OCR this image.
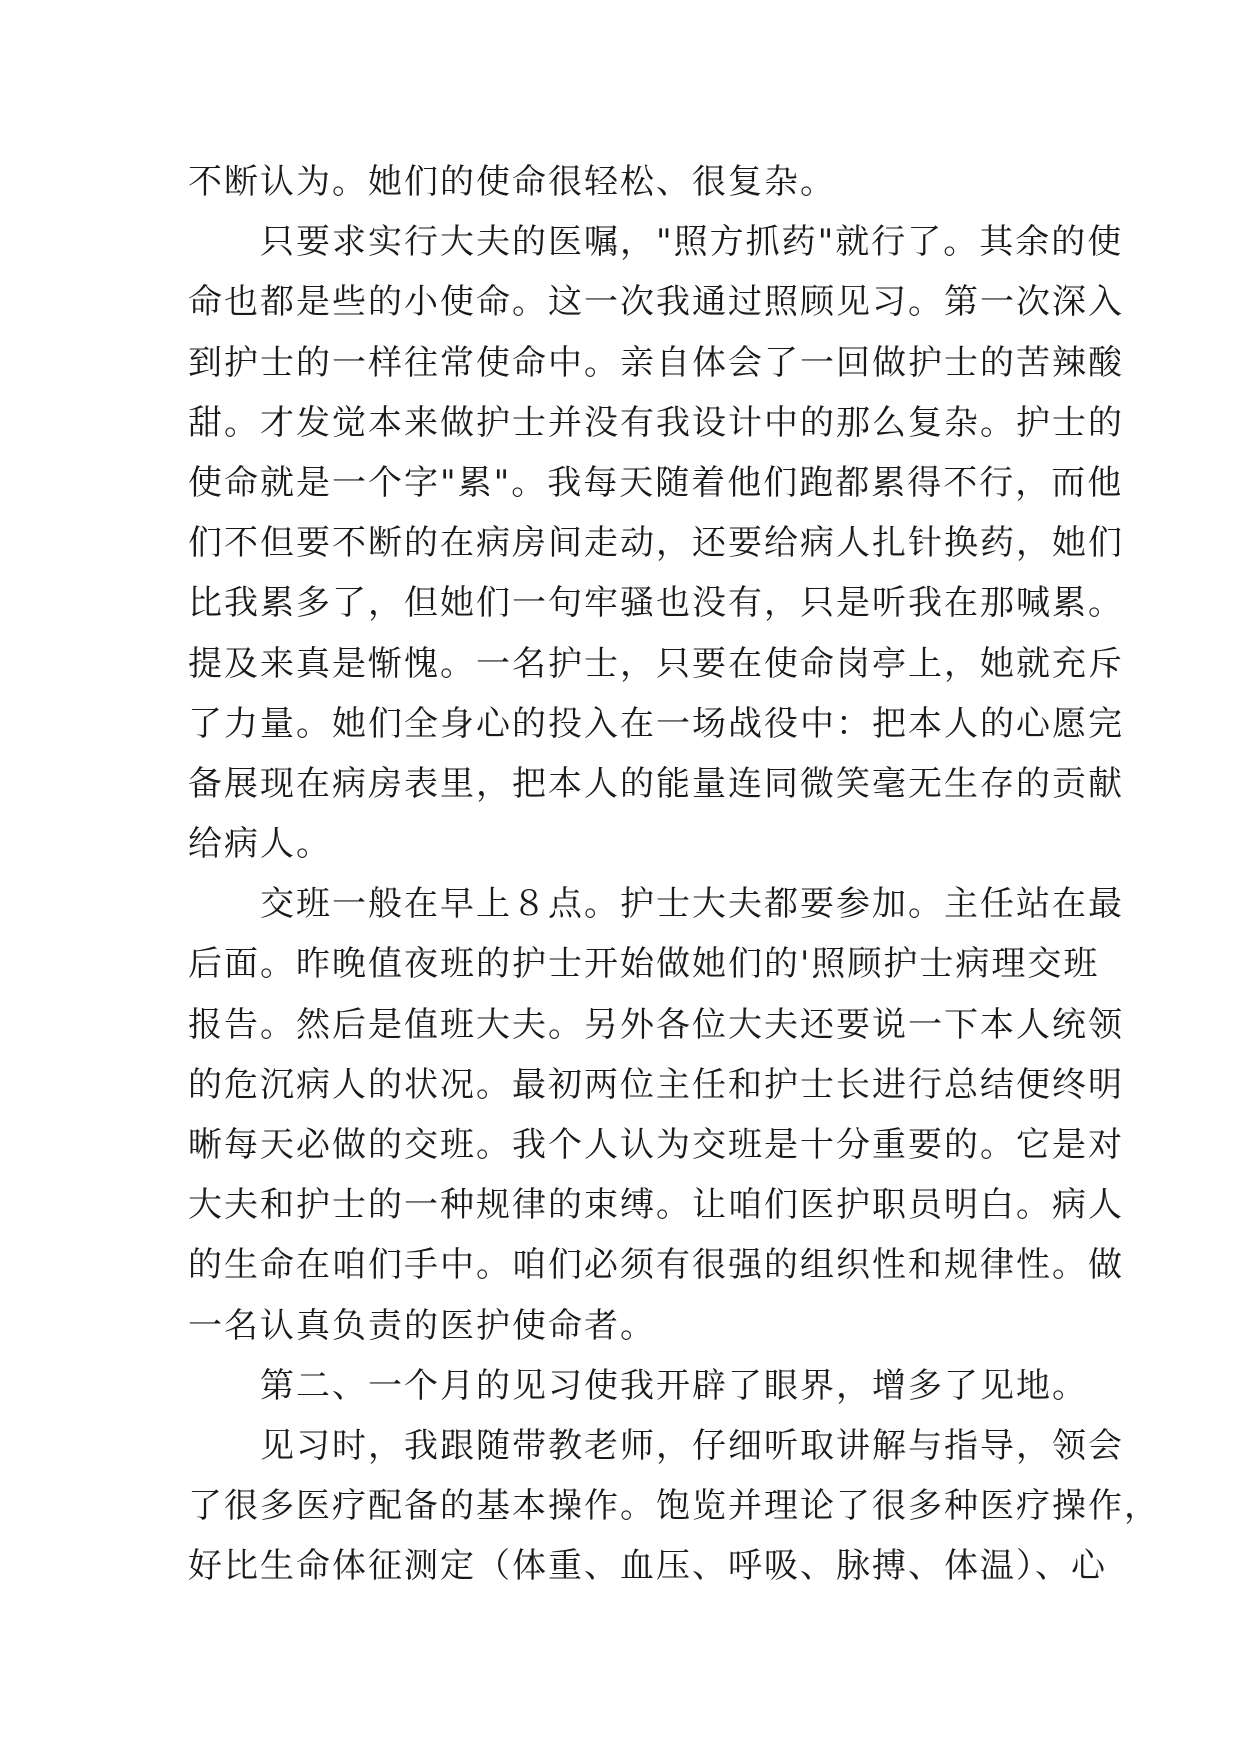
不断认为。她们的使命很轻松、很复杂。
只要求实行大夫的医嘱，"照方抓药"就行了。其余的使
命也都是些的小使命。这一次我通过照顾见习。第一次深入
到护士的一样往常使命中。亲自体会了一回做护士的苦辣酸
甜。才发觉本来做护士并没有我设计中的那么复杂。护士的
使命就是一个字"累"。我每天随着他们跑都累得不行，而他
们不但要不断的在病房间走动，还要给病人扎针换药，她们
比我累多了，但她们一句牢骚也没有，只是听我在那喊累。
提及来真是惭愧。一名护士，只要在使命岗亭上，她就充斥
了力量。她们全身心的投入在一场战役中：把本人的心愿完
备展现在病房表里，把本人的能量连同微笑毫无生存的贡献
给病人。
交班一般在早上８点。护士大夫都要参加。主任站在最
后面。昨晚值夜班的护士开始做她们的'照顾护士病理交班
报告。然后是值班大夫。另外各位大夫还要说一下本人统领
的危沉病人的状况。最初两位主任和护士长进行总结便终明
晰每天必做的交班。我个人认为交班是十分重要的。它是对
大夫和护士的一种规律的束缚。让咱们医护职员明白。病人
的生命在咱们手中。咱们必须有很强的组织性和规律性。做
一名认真负责的医护使命者。
第二、一个月的见习使我开辟了眼界，增多了见地。
见习时，我跟随带教老师，仔细听取讲解与指导，领会
了很多医疗配备的基本操作。饱览并理论了很多种医疗操作，
好比生命体征测定（体重、血压、呼吸、脉搏、体温）、心
